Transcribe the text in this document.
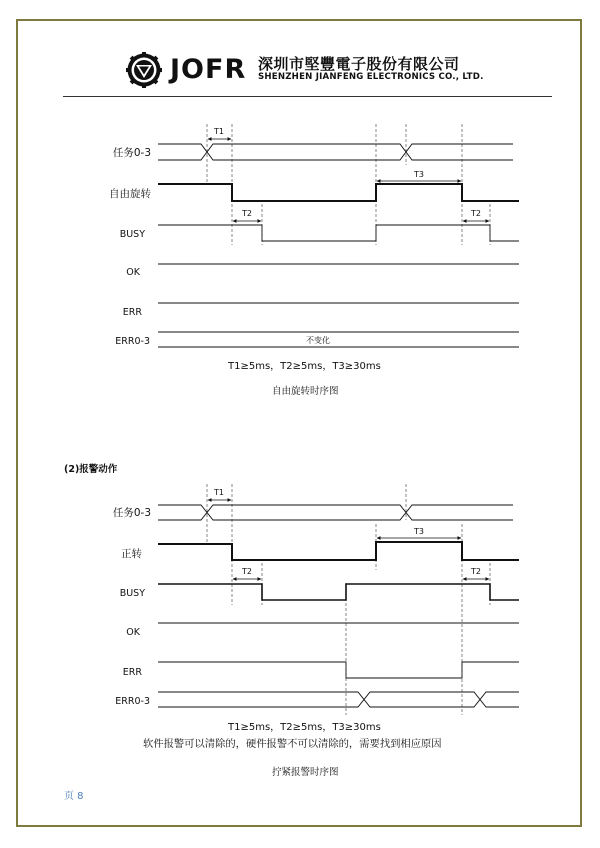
JOFR 深圳市堅豐電子股份有限公司
SHENZHEN JIANFENG ELECTRONICS CO., LTD.
T1
T3
T2	T2
不变化
任务0-3
自由旋转
BUSY
OK
ERR
ERR0-3
T1
T3
T2	T2
任务0-3
正转
BUSY
OK
ERR
ERR0-3
T1≥5ms，T2≥5ms，T3≥30ms
自由旋转时序图
(2)报警动作
T1≥5ms，T2≥5ms，T3≥30ms
软件报警可以清除的，硬件报警不可以清除的，需要找到相应原因
拧紧报警时序图
页 8
